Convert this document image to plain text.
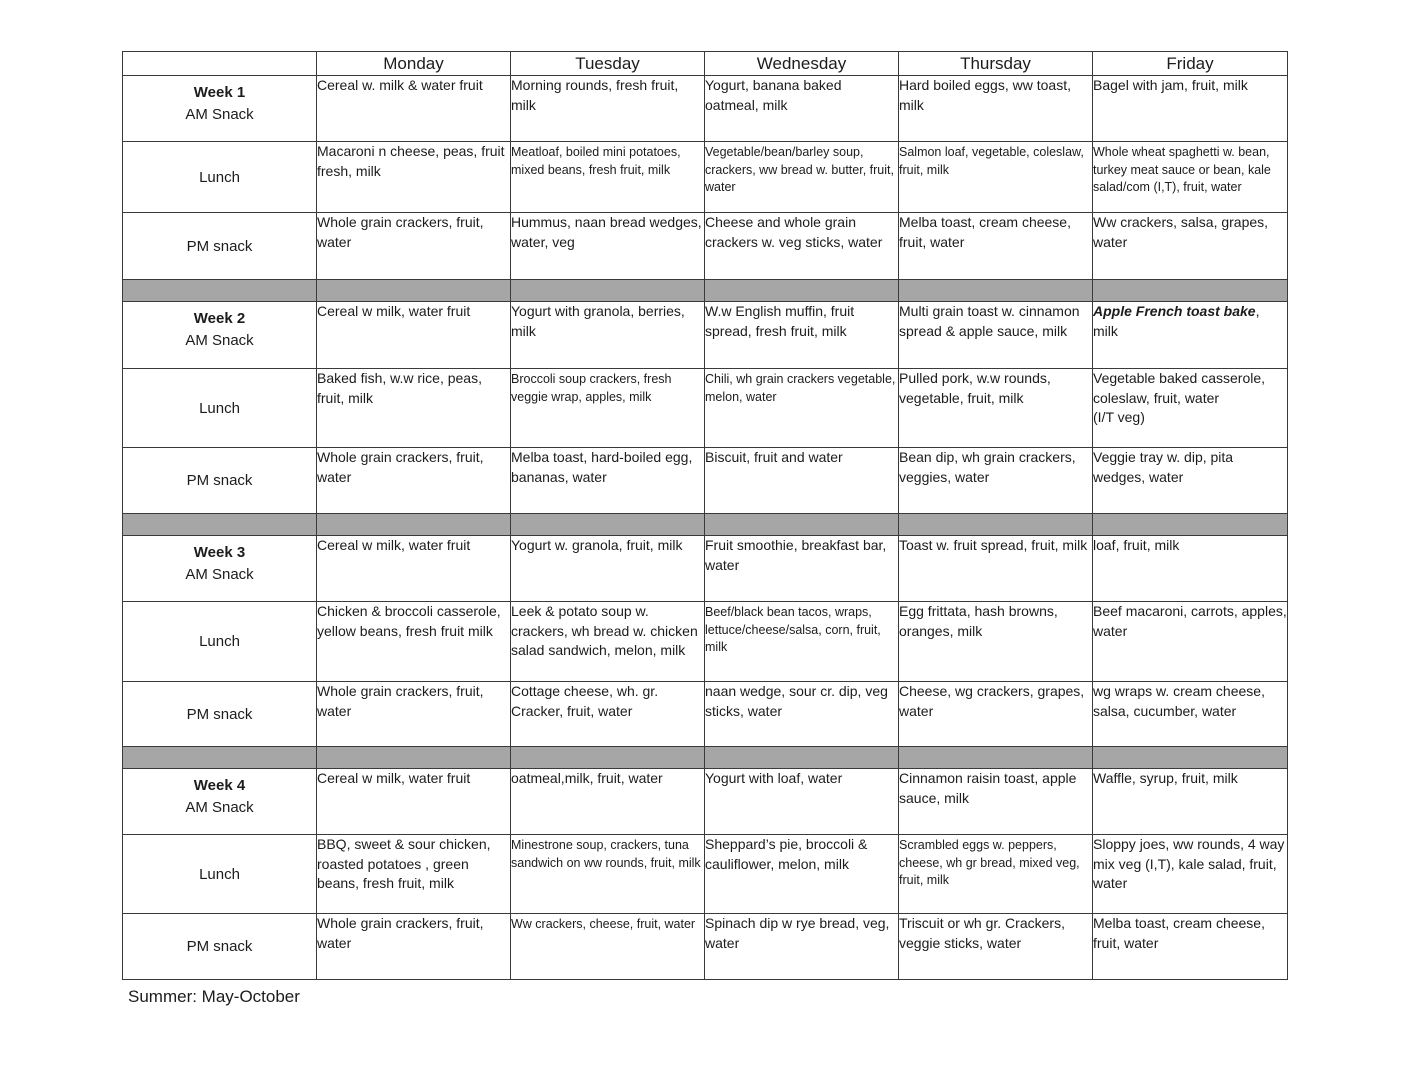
	Monday	Tuesday	Wednesday	Thursday	Friday
Week 1
AM Snack	Cereal w. milk & water fruit	Morning rounds, fresh fruit, milk	Yogurt, banana baked oatmeal, milk	Hard boiled eggs, ww toast, milk	Bagel with jam, fruit, milk
Lunch	Macaroni n cheese, peas, fruit fresh, milk	Meatloaf, boiled mini potatoes, mixed beans, fresh fruit, milk	Vegetable/bean/barley soup, crackers, ww bread w. butter, fruit, water	Salmon loaf, vegetable, coleslaw, fruit, milk	Whole wheat spaghetti w. bean, turkey meat sauce or bean, kale salad/com (I,T), fruit, water
PM snack	Whole grain crackers, fruit, water	Hummus, naan bread wedges, water, veg	Cheese and whole grain crackers w. veg sticks, water	Melba toast, cream cheese, fruit, water	Ww crackers, salsa, grapes, water

Week 2
AM Snack	Cereal w milk, water fruit	Yogurt with granola, berries, milk	W.w English muffin, fruit spread, fresh fruit, milk	Multi grain toast w. cinnamon spread & apple sauce, milk	Apple French toast bake, milk
Lunch	Baked fish, w.w rice, peas, fruit, milk	Broccoli soup crackers, fresh veggie wrap, apples, milk	Chili, wh grain crackers vegetable, melon, water	Pulled pork, w.w rounds, vegetable, fruit, milk	Vegetable baked casserole, coleslaw, fruit, water
(I/T veg)
PM snack	Whole grain crackers, fruit, water	Melba toast, hard-boiled egg, bananas, water	Biscuit, fruit and water	Bean dip, wh grain crackers, veggies, water	Veggie tray w. dip, pita wedges, water

Week 3
AM Snack	Cereal w milk, water fruit	Yogurt w. granola, fruit, milk	Fruit smoothie, breakfast bar, water	Toast w. fruit spread, fruit, milk	loaf, fruit, milk
Lunch	Chicken & broccoli casserole, yellow beans, fresh fruit milk	Leek & potato soup w. crackers, wh bread w. chicken salad sandwich, melon, milk	Beef/black bean tacos, wraps, lettuce/cheese/salsa, corn, fruit, milk	Egg frittata, hash browns, oranges, milk	Beef macaroni, carrots, apples, water
PM snack	Whole grain crackers, fruit, water	Cottage cheese, wh. gr. Cracker, fruit, water	naan wedge, sour cr. dip, veg sticks, water	Cheese, wg crackers, grapes, water	wg wraps w. cream cheese, salsa, cucumber, water

Week 4
AM Snack	Cereal w milk, water fruit	oatmeal,milk, fruit, water	Yogurt with loaf, water	Cinnamon raisin toast, apple sauce, milk	Waffle, syrup, fruit, milk
Lunch	BBQ, sweet & sour chicken, roasted potatoes , green beans, fresh fruit, milk	Minestrone soup, crackers, tuna sandwich on ww rounds, fruit, milk	Sheppard’s pie, broccoli & cauliflower, melon, milk	Scrambled eggs w. peppers, cheese, wh gr bread, mixed veg, fruit, milk	Sloppy joes, ww rounds, 4 way mix veg (I,T), kale salad, fruit, water
PM snack	Whole grain crackers, fruit, water	Ww crackers, cheese, fruit, water	Spinach dip w rye bread, veg, water	Triscuit or wh gr. Crackers, veggie sticks, water	Melba toast, cream cheese, fruit, water
Summer: May-October
